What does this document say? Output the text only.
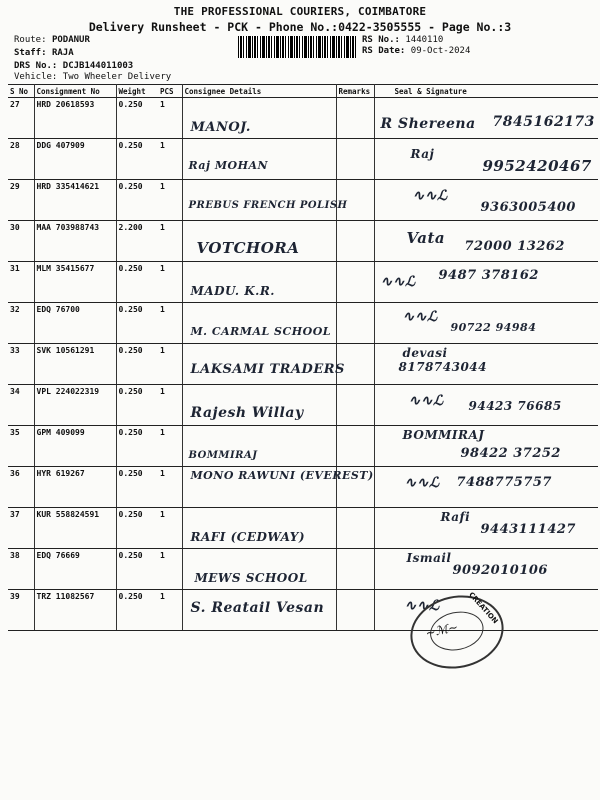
THE PROFESSIONAL COURIERS, COIMBATORE
Delivery Runsheet - PCK - Phone No.:0422-3505555 - Page No.:3
Route: PODANUR
Staff: RAJA
DRS No.: DCJB144011003
Vehicle: Two Wheeler Delivery
RS No.: 1440110
RS Date: 09-Oct-2024
S No	Consignment No	Weight	PCS	Consignee Details	Remarks	Seal & Signature
27	HRD 20618593	0.250	1	MANOJ.		R Shereena 7845162173

28	DDG 407909	0.250	1	Raj MOHAN		Raj
9952420467

29	HRD 335414621	0.250	1	PREBUS FRENCH POLISH		∿∿ℒ
9363005400

30	MAA 703988743	2.200	1	VOTCHORA		Vata 72000 13262

31	MLM 35415677	0.250	1	MADU. K.R.		∿∿ℒ 9487 378162

32	EDQ 76700	0.250	1	M. CARMAL SCHOOL		∿∿ℒ
90722 94984

33	SVK 10561291	0.250	1	LAKSAMI TRADERS		devasi
8178743044

34	VPL 224022319	0.250	1	Rajesh Willay		∿∿ℒ 94423 76685

35	GPM 409099	0.250	1	BOMMIRAJ		BOMMIRAJ
98422 37252

36	HYR 619267	0.250	1	MONO RAWUNI (EVEREST)		∿∿ℒ 7488775757

37	KUR 558824591	0.250	1	RAFI (CEDWAY)		Rafi
9443111427

38	EDQ 76669	0.250	1	MEWS SCHOOL		Ismail
9092010106

39	TRZ 11082567	0.250	1	S. Reatail Vesan		∿∿ℒ	CREATION
~ℳ~
